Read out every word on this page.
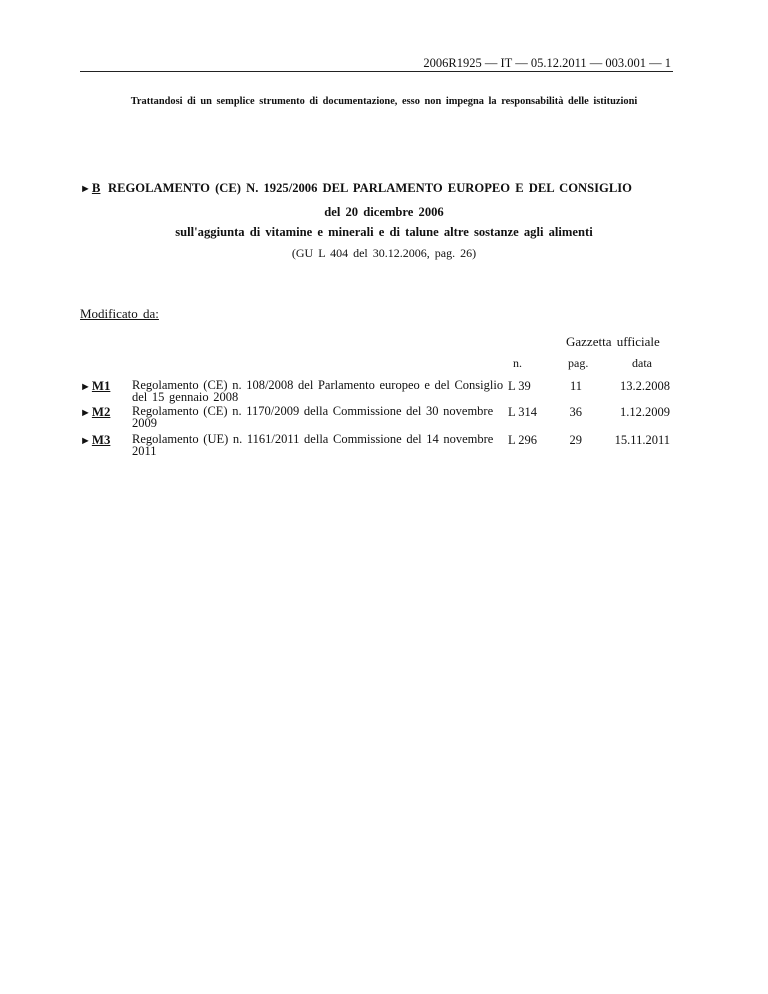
2006R1925 — IT — 05.12.2011 — 003.001 — 1
Trattandosi di un semplice strumento di documentazione, esso non impegna la responsabilità delle istituzioni
►B REGOLAMENTO (CE) N. 1925/2006 DEL PARLAMENTO EUROPEO E DEL CONSIGLIO
del 20 dicembre 2006
sull'aggiunta di vitamine e minerali e di talune altre sostanze agli alimenti
(GU L 404 del 30.12.2006, pag. 26)
Modificato da:
Gazzetta ufficiale
n.	pag.	data
►M1 Regolamento (CE) n. 108/2008 del Parlamento europeo e del Consiglio
del 15 gennaio 2008
L 39	11	13.2.2008
►M2 Regolamento (CE) n. 1170/2009 della Commissione del 30 novembre
2009
L 314	36	1.12.2009
►M3 Regolamento (UE) n. 1161/2011 della Commissione del 14 novembre
2011
L 296	29	15.11.2011
